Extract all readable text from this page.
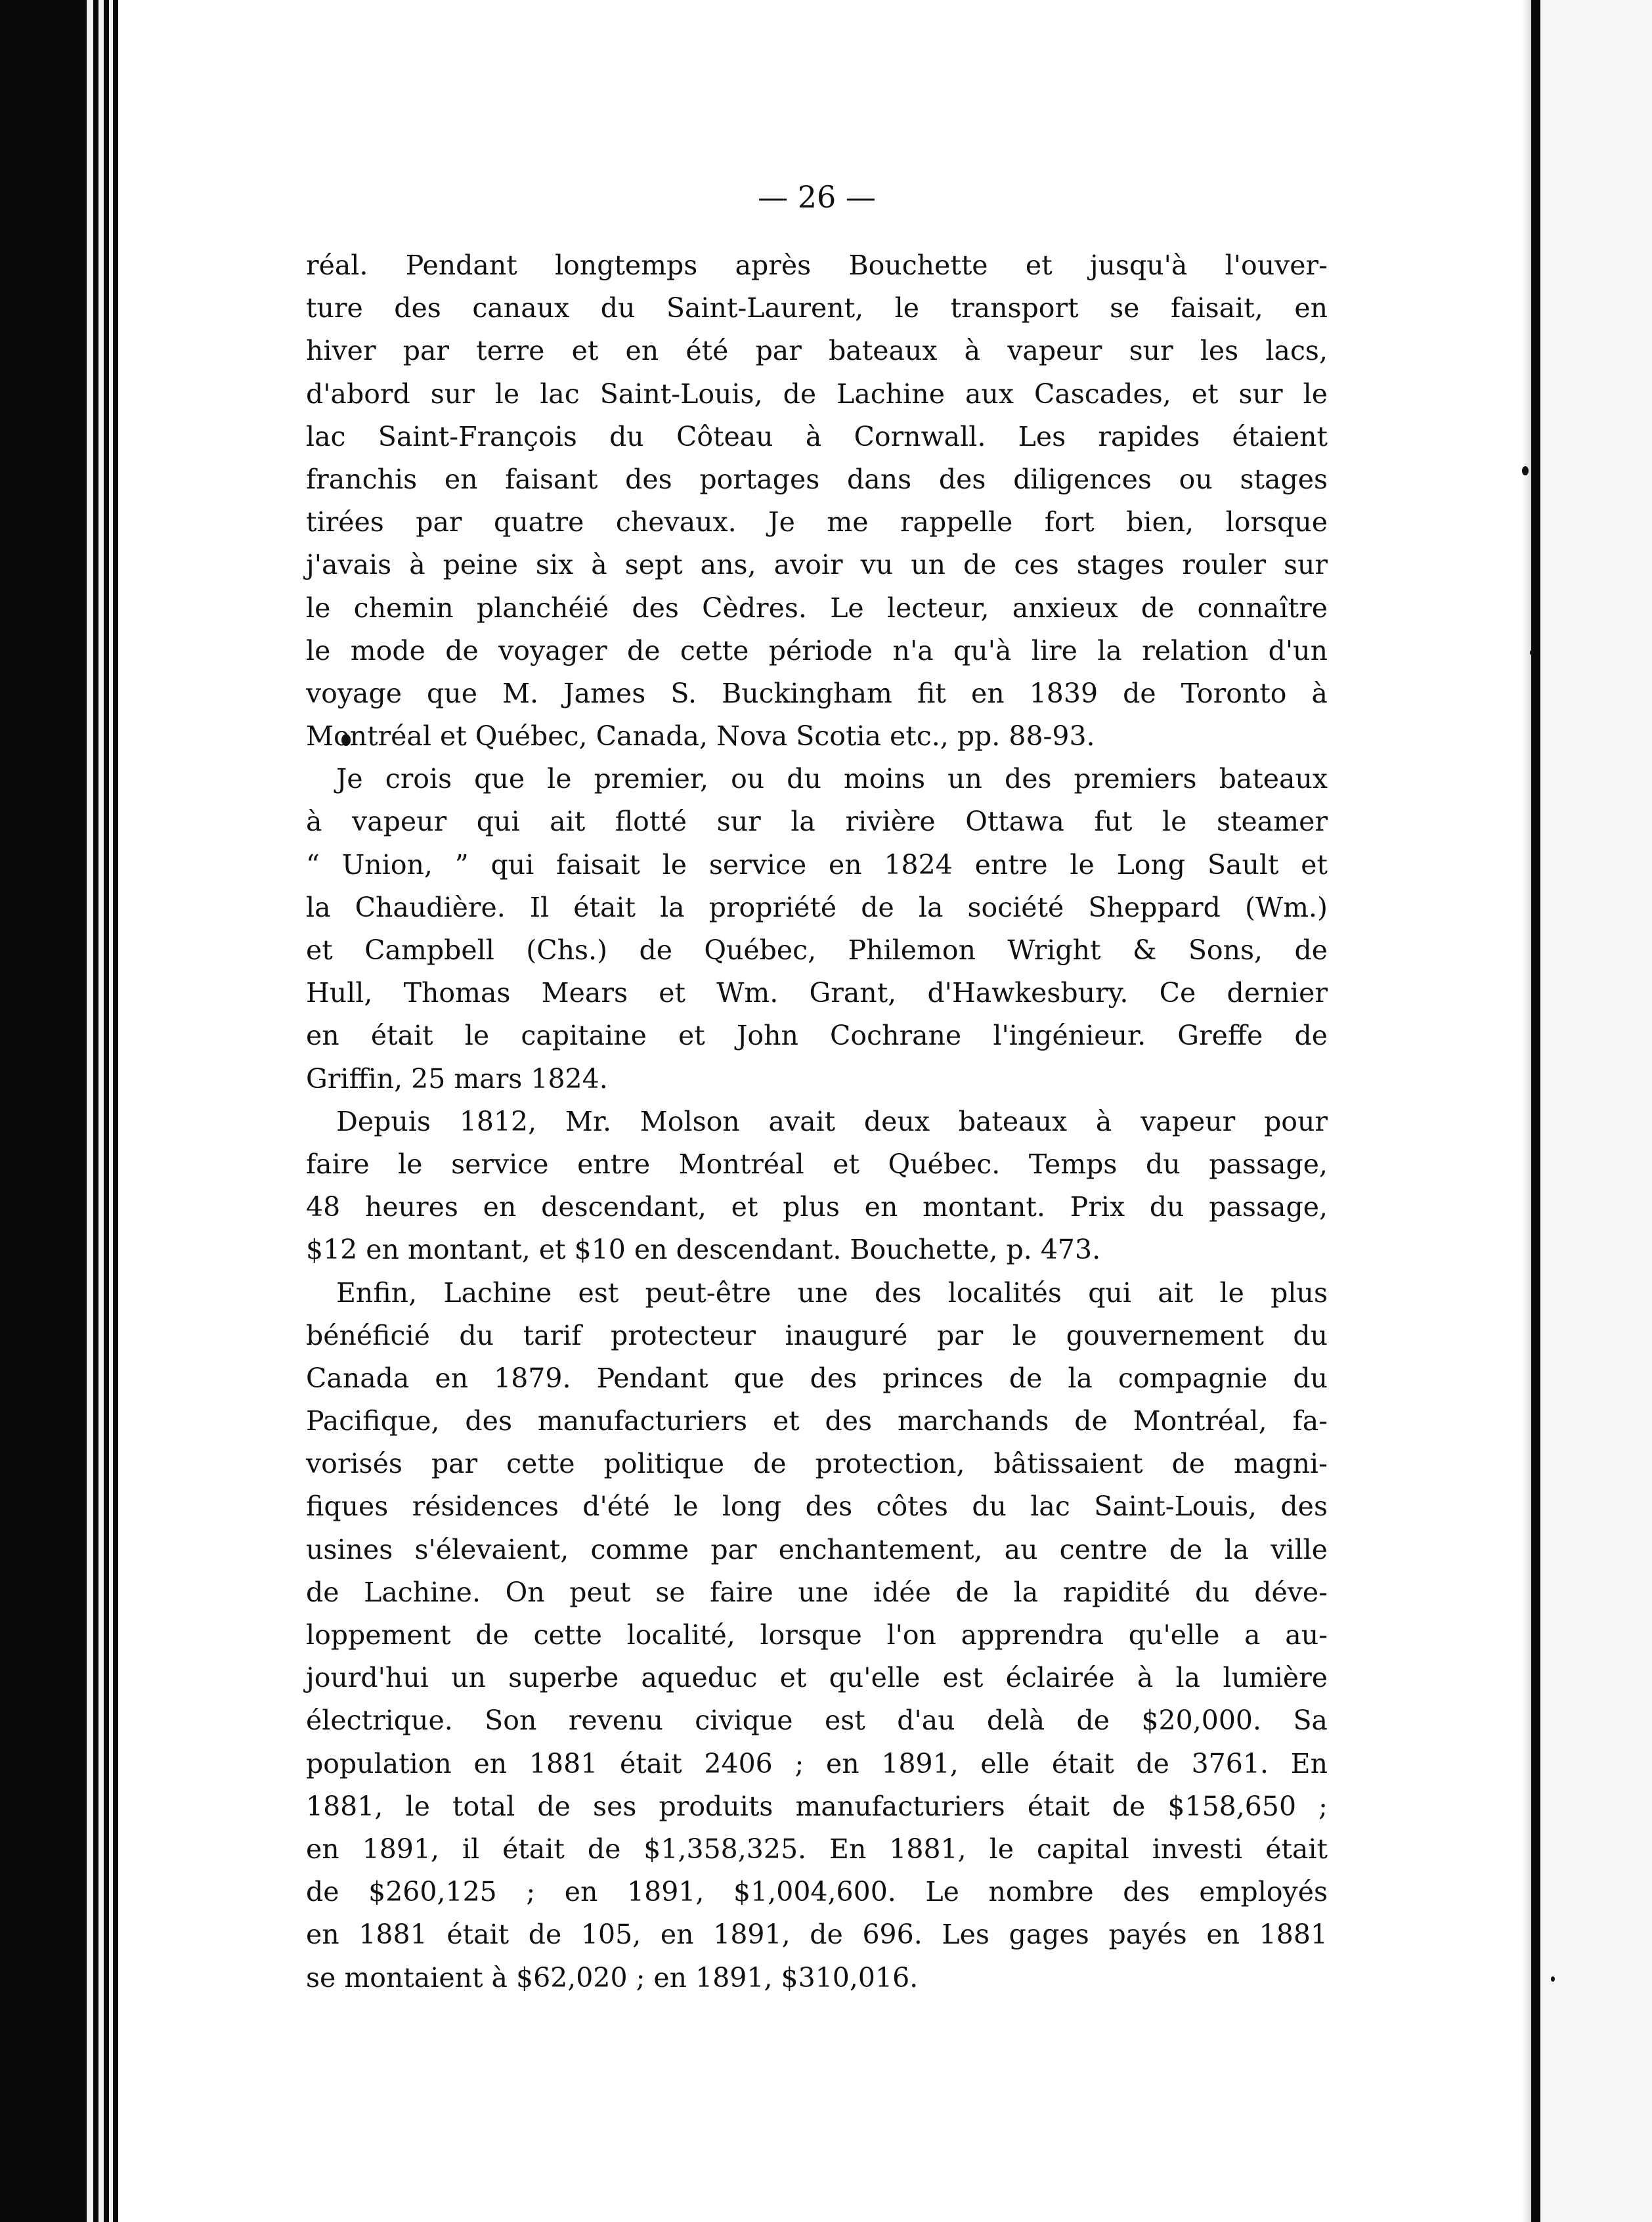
— 26 —
réal. Pendant longtemps après Bouchette et jusqu'à l'ouver-
ture des canaux du Saint-Laurent, le transport se faisait, en
hiver par terre et en été par bateaux à vapeur sur les lacs,
d'abord sur le lac Saint-Louis, de Lachine aux Cascades, et sur le
lac Saint-François du Côteau à Cornwall. Les rapides étaient
franchis en faisant des portages dans des diligences ou stages
tirées par quatre chevaux. Je me rappelle fort bien, lorsque
j'avais à peine six à sept ans, avoir vu un de ces stages rouler sur
le chemin planchéié des Cèdres. Le lecteur, anxieux de connaître
le mode de voyager de cette période n'a qu'à lire la relation d'un
voyage que M. James S. Buckingham fit en 1839 de Toronto à
Montréal et Québec, Canada, Nova Scotia etc., pp. 88-93.
Je crois que le premier, ou du moins un des premiers bateaux
à vapeur qui ait flotté sur la rivière Ottawa fut le steamer
“ Union, ” qui faisait le service en 1824 entre le Long Sault et
la Chaudière. Il était la propriété de la société Sheppard (Wm.)
et Campbell (Chs.) de Québec, Philemon Wright & Sons, de
Hull, Thomas Mears et Wm. Grant, d'Hawkesbury. Ce dernier
en était le capitaine et John Cochrane l'ingénieur. Greffe de
Griffin, 25 mars 1824.
Depuis 1812, Mr. Molson avait deux bateaux à vapeur pour
faire le service entre Montréal et Québec. Temps du passage,
48 heures en descendant, et plus en montant. Prix du passage,
$12 en montant, et $10 en descendant. Bouchette, p. 473.
Enfin, Lachine est peut-être une des localités qui ait le plus
bénéficié du tarif protecteur inauguré par le gouvernement du
Canada en 1879. Pendant que des princes de la compagnie du
Pacifique, des manufacturiers et des marchands de Montréal, fa-
vorisés par cette politique de protection, bâtissaient de magni-
fiques résidences d'été le long des côtes du lac Saint-Louis, des
usines s'élevaient, comme par enchantement, au centre de la ville
de Lachine. On peut se faire une idée de la rapidité du déve-
loppement de cette localité, lorsque l'on apprendra qu'elle a au-
jourd'hui un superbe aqueduc et qu'elle est éclairée à la lumière
électrique. Son revenu civique est d'au delà de $20,000. Sa
population en 1881 était 2406 ; en 1891, elle était de 3761. En
1881, le total de ses produits manufacturiers était de $158,650 ;
en 1891, il était de $1,358,325. En 1881, le capital investi était
de $260,125 ; en 1891, $1,004,600. Le nombre des employés
en 1881 était de 105, en 1891, de 696. Les gages payés en 1881
se montaient à $62,020 ; en 1891, $310,016.
